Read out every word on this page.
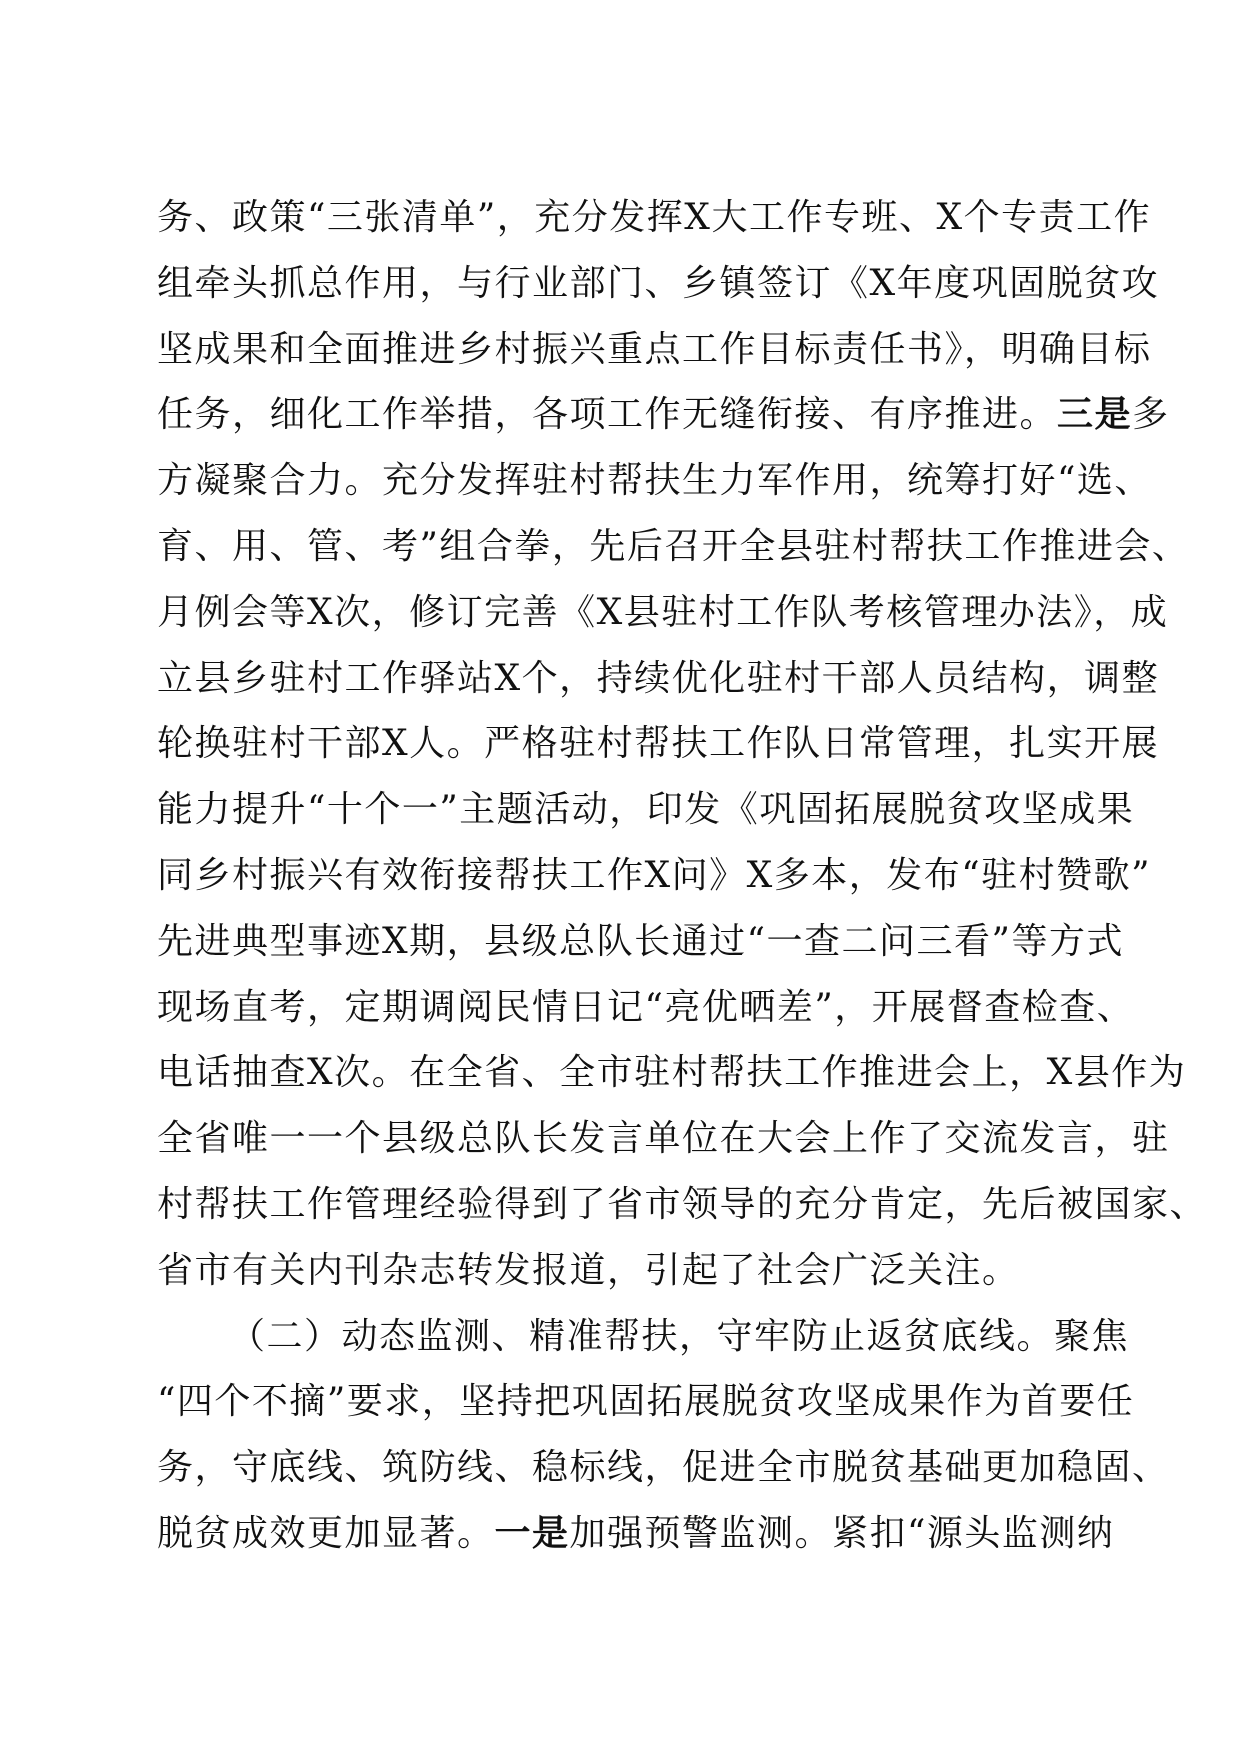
务、政策“三张清单”，充分发挥X大工作专班、X个专责工作
组牵头抓总作用，与行业部门、乡镇签订《X年度巩固脱贫攻
坚成果和全面推进乡村振兴重点工作目标责任书》，明确目标
任务，细化工作举措，各项工作无缝衔接、有序推进。三是多
方凝聚合力。充分发挥驻村帮扶生力军作用，统筹打好“选、
育、用、管、考”组合拳，先后召开全县驻村帮扶工作推进会、
月例会等X次，修订完善《X县驻村工作队考核管理办法》，成
立县乡驻村工作驿站X个，持续优化驻村干部人员结构，调整
轮换驻村干部X人。严格驻村帮扶工作队日常管理，扎实开展
能力提升“十个一”主题活动，印发《巩固拓展脱贫攻坚成果
同乡村振兴有效衔接帮扶工作X问》X多本，发布“驻村赞歌”
先进典型事迹X期，县级总队长通过“一查二问三看”等方式
现场直考，定期调阅民情日记“亮优晒差”，开展督查检查、
电话抽查X次。在全省、全市驻村帮扶工作推进会上，X县作为
全省唯一一个县级总队长发言单位在大会上作了交流发言，驻
村帮扶工作管理经验得到了省市领导的充分肯定，先后被国家、
省市有关内刊杂志转发报道，引起了社会广泛关注。
（二）动态监测、精准帮扶，守牢防止返贫底线。聚焦
“四个不摘”要求，坚持把巩固拓展脱贫攻坚成果作为首要任
务，守底线、筑防线、稳标线，促进全市脱贫基础更加稳固、
脱贫成效更加显著。一是加强预警监测。紧扣“源头监测纳
